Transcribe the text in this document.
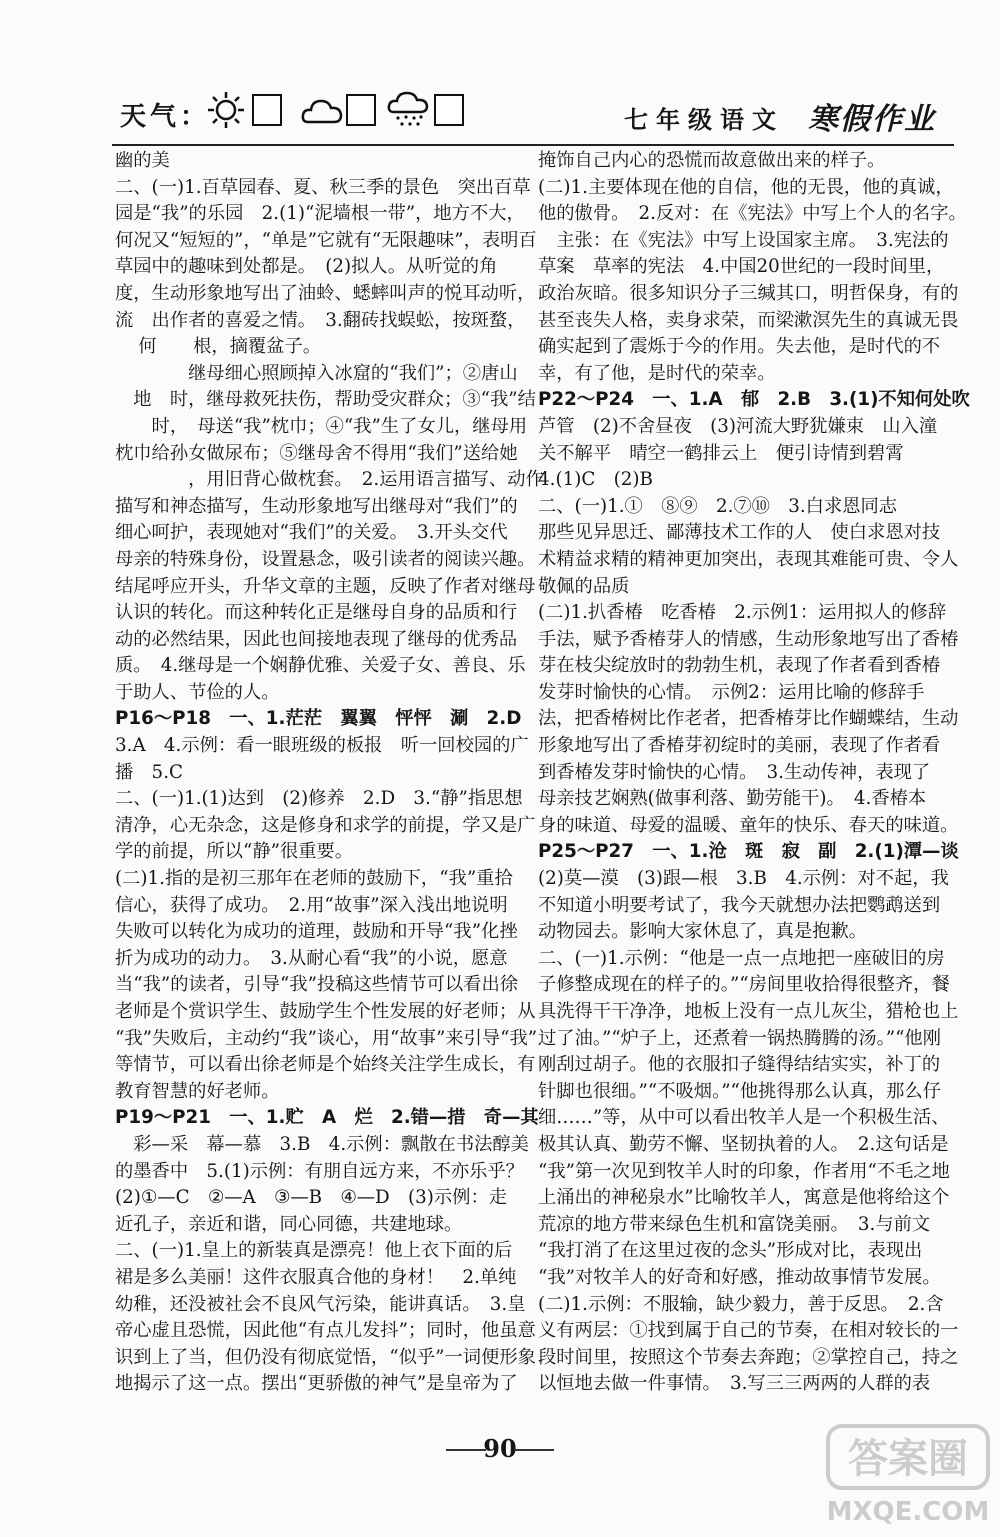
天气：	七年级语文 寒假作业

幽的美

二、(一)1.百草园春、夏、秋三季的景色　突出百草

园是“我”的乐园　2.(1)“泥墙根一带”，地方不大，

何况又“短短的”，“单是”它就有“无限趣味”，表明百

草园中的趣味到处都是。　(2)拟人。从听觉的角

度，生动形象地写出了油蛉、蟋蟀叫声的悦耳动听，

流　出作者的喜爱之情。　3.翻砖找蜈蚣，按斑蝥，

何　　根，摘覆盆子。

　　　　继母细心照顾掉入冰窟的“我们”；②唐山

　地　时，继母救死扶伤，帮助受灾群众；③“我”结

　　时，　母送“我”枕巾；④“我”生了女儿，继母用

枕巾给孙女做尿布；⑤继母舍不得用“我们”送给她

　　　　，用旧背心做枕套。　2.运用语言描写、动作

描写和神态描写，生动形象地写出继母对“我们”的

细心呵护，表现她对“我们”的关爱。　3.开头交代

母亲的特殊身份，设置悬念，吸引读者的阅读兴趣。

结尾呼应开头，升华文章的主题，反映了作者对继母

认识的转化。而这种转化正是继母自身的品质和行

动的必然结果，因此也间接地表现了继母的优秀品

质。　4.继母是一个娴静优雅、关爱子女、善良、乐

于助人、节俭的人。

P16～P18　一、1.茫茫　翼翼　怦怦　涮　2.D

3.A　4.示例：看一眼班级的板报　听一回校园的广

播　5.C

二、(一)1.(1)达到　(2)修养　2.D　3.“静”指思想

清净，心无杂念，这是修身和求学的前提，学又是广

学的前提，所以“静”很重要。

(二)1.指的是初三那年在老师的鼓励下，“我”重拾

信心，获得了成功。　2.用“故事”深入浅出地说明

失败可以转化为成功的道理，鼓励和开导“我”化挫

折为成功的动力。　3.从耐心看“我”的小说，愿意

当“我”的读者，引导“我”投稿这些情节可以看出徐

老师是个赏识学生、鼓励学生个性发展的好老师；从

“我”失败后，主动约“我”谈心，用“故事”来引导“我”

等情节，可以看出徐老师是个始终关注学生成长，有

教育智慧的好老师。

P19～P21　一、1.贮　A　烂　2.错—措　奇—其

　彩—采　幕—慕　3.B　4.示例：飘散在书法醇美

的墨香中　5.(1)示例：有朋自远方来，不亦乐乎？

(2)①—C　②—A　③—B　④—D　(3)示例：走

近孔子，亲近和谐，同心同德，共建地球。

二、(一)1.皇上的新装真是漂亮！他上衣下面的后

裙是多么美丽！这件衣服真合他的身材！　2.单纯

幼稚，还没被社会不良风气污染，能讲真话。　3.皇

帝心虚且恐慌，因此他“有点儿发抖”；同时，他虽意

识到上了当，但仍没有彻底觉悟，“似乎”一词便形象

地揭示了这一点。摆出“更骄傲的神气”是皇帝为了

掩饰自己内心的恐慌而故意做出来的样子。

(二)1.主要体现在他的自信，他的无畏，他的真诚，

他的傲骨。　2.反对：在《宪法》中写上个人的名字。

　主张：在《宪法》中写上设国家主席。　3.宪法的

草案　草率的宪法　4.中国20世纪的一段时间里，

政治灰暗。很多知识分子三缄其口，明哲保身，有的

甚至丧失人格，卖身求荣，而梁漱溟先生的真诚无畏

确实起到了震烁于今的作用。失去他，是时代的不

幸，有了他，是时代的荣幸。

P22～P24　一、1.A　郁　2.B　3.(1)不知何处吹

芦管　(2)不舍昼夜　(3)河流大野犹嫌束　山入潼

关不解平　晴空一鹤排云上　便引诗情到碧霄

4.(1)C　(2)B

二、(一)1.①　⑧⑨　2.⑦⑩　3.白求恩同志

那些见异思迁、鄙薄技术工作的人　使白求恩对技

术精益求精的精神更加突出，表现其难能可贵、令人

敬佩的品质

(二)1.扒香椿　吃香椿　2.示例1：运用拟人的修辞

手法，赋予香椿芽人的情感，生动形象地写出了香椿

芽在枝尖绽放时的勃勃生机，表现了作者看到香椿

发芽时愉快的心情。　示例2：运用比喻的修辞手

法，把香椿树比作老者，把香椿芽比作蝴蝶结，生动

形象地写出了香椿芽初绽时的美丽，表现了作者看

到香椿发芽时愉快的心情。　3.生动传神，表现了

母亲技艺娴熟(做事利落、勤劳能干)。　4.香椿本

身的味道、母爱的温暖、童年的快乐、春天的味道。

P25～P27　一、1.沧　斑　寂　副　2.(1)潭—谈

(2)莫—漠　(3)跟—根　3.B　4.示例：对不起，我

不知道小明要考试了，我今天就想办法把鹦鹉送到

动物园去。影响大家休息了，真是抱歉。

二、(一)1.示例：“他是一点一点地把一座破旧的房

子修整成现在的样子的。”“房间里收拾得很整齐，餐

具洗得干干净净，地板上没有一点儿灰尘，猎枪也上

过了油。”“炉子上，还煮着一锅热腾腾的汤。”“他刚

刚刮过胡子。他的衣服扣子缝得结结实实，补丁的

针脚也很细。”“不吸烟。”“他挑得那么认真，那么仔

细……”等，从中可以看出牧羊人是一个积极生活、

极其认真、勤劳不懈、坚韧执着的人。　2.这句话是

“我”第一次见到牧羊人时的印象，作者用“不毛之地

上涌出的神秘泉水”比喻牧羊人，寓意是他将给这个

荒凉的地方带来绿色生机和富饶美丽。　3.与前文

“我打消了在这里过夜的念头”形成对比，表现出

“我”对牧羊人的好奇和好感，推动故事情节发展。

(二)1.示例：不服输，缺少毅力，善于反思。　2.含

义有两层：①找到属于自己的节奏，在相对较长的一

段时间里，按照这个节奏去奔跑；②掌控自己，持之

以恒地去做一件事情。　3.写三三两两的人群的表

90	答案圈
MXQE.COM
